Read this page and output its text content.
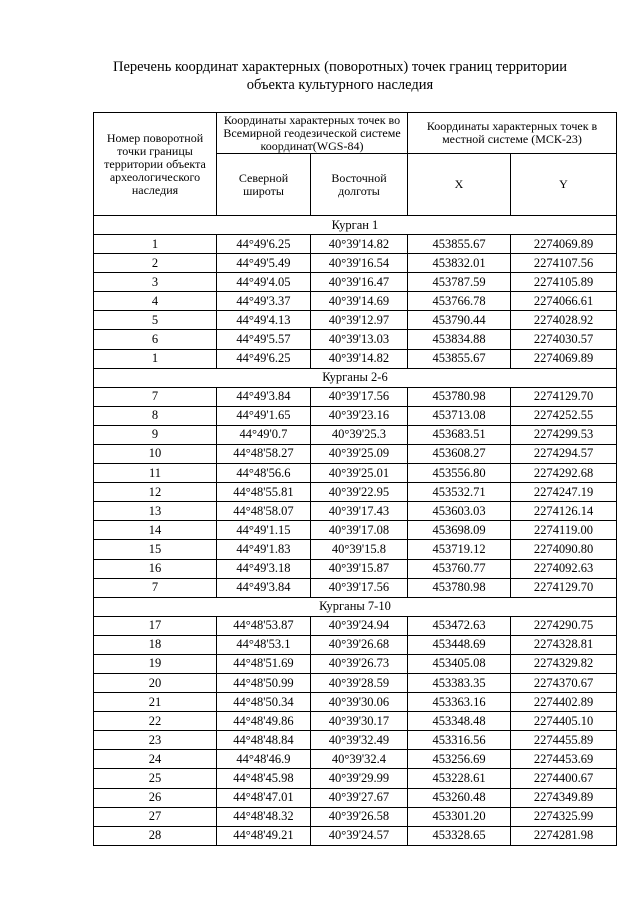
Перечень координат характерных (поворотных) точек границ территории
объекта культурного наследия
Номер поворотной точки границы территории объекта археологического наследия	Координаты характерных точек во Всемирной геодезической системе координат(WGS-84)		Координаты характерных точек в местной системе (МСК-23)	
	Северной широты	Восточной долготы	X	Y
Курган 1				
1	44°49'6.25	40°39'14.82	453855.67	2274069.89
2	44°49'5.49	40°39'16.54	453832.01	2274107.56
3	44°49'4.05	40°39'16.47	453787.59	2274105.89
4	44°49'3.37	40°39'14.69	453766.78	2274066.61
5	44°49'4.13	40°39'12.97	453790.44	2274028.92
6	44°49'5.57	40°39'13.03	453834.88	2274030.57
1	44°49'6.25	40°39'14.82	453855.67	2274069.89
Курганы 2-6				
7	44°49'3.84	40°39'17.56	453780.98	2274129.70
8	44°49'1.65	40°39'23.16	453713.08	2274252.55
9	44°49'0.7	40°39'25.3	453683.51	2274299.53
10	44°48'58.27	40°39'25.09	453608.27	2274294.57
11	44°48'56.6	40°39'25.01	453556.80	2274292.68
12	44°48'55.81	40°39'22.95	453532.71	2274247.19
13	44°48'58.07	40°39'17.43	453603.03	2274126.14
14	44°49'1.15	40°39'17.08	453698.09	2274119.00
15	44°49'1.83	40°39'15.8	453719.12	2274090.80
16	44°49'3.18	40°39'15.87	453760.77	2274092.63
7	44°49'3.84	40°39'17.56	453780.98	2274129.70
Курганы 7-10				
17	44°48'53.87	40°39'24.94	453472.63	2274290.75
18	44°48'53.1	40°39'26.68	453448.69	2274328.81
19	44°48'51.69	40°39'26.73	453405.08	2274329.82
20	44°48'50.99	40°39'28.59	453383.35	2274370.67
21	44°48'50.34	40°39'30.06	453363.16	2274402.89
22	44°48'49.86	40°39'30.17	453348.48	2274405.10
23	44°48'48.84	40°39'32.49	453316.56	2274455.89
24	44°48'46.9	40°39'32.4	453256.69	2274453.69
25	44°48'45.98	40°39'29.99	453228.61	2274400.67
26	44°48'47.01	40°39'27.67	453260.48	2274349.89
27	44°48'48.32	40°39'26.58	453301.20	2274325.99
28	44°48'49.21	40°39'24.57	453328.65	2274281.98
